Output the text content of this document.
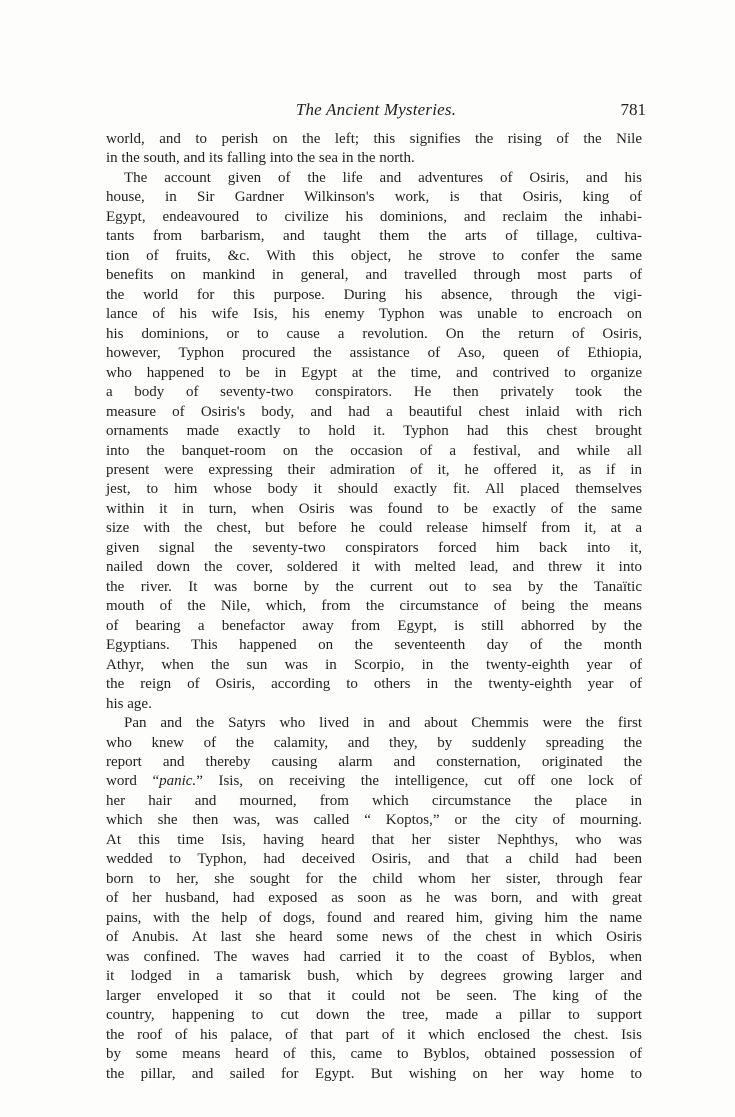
The Ancient Mysteries.	781
world, and to perish on the left; this signifies the rising of the Nile
in the south, and its falling into the sea in the north.
The account given of the life and adventures of Osiris, and his
house, in Sir Gardner Wilkinson's work, is that Osiris, king of
Egypt, endeavoured to civilize his dominions, and reclaim the inhabi-
tants from barbarism, and taught them the arts of tillage, cultiva-
tion of fruits, &c. With this object, he strove to confer the same
benefits on mankind in general, and travelled through most parts of
the world for this purpose. During his absence, through the vigi-
lance of his wife Isis, his enemy Typhon was unable to encroach on
his dominions, or to cause a revolution. On the return of Osiris,
however, Typhon procured the assistance of Aso, queen of Ethiopia,
who happened to be in Egypt at the time, and contrived to organize
a body of seventy-two conspirators. He then privately took the
measure of Osiris's body, and had a beautiful chest inlaid with rich
ornaments made exactly to hold it. Typhon had this chest brought
into the banquet-room on the occasion of a festival, and while all
present were expressing their admiration of it, he offered it, as if in
jest, to him whose body it should exactly fit. All placed themselves
within it in turn, when Osiris was found to be exactly of the same
size with the chest, but before he could release himself from it, at a
given signal the seventy-two conspirators forced him back into it,
nailed down the cover, soldered it with melted lead, and threw it into
the river. It was borne by the current out to sea by the Tanaïtic
mouth of the Nile, which, from the circumstance of being the means
of bearing a benefactor away from Egypt, is still abhorred by the
Egyptians. This happened on the seventeenth day of the month
Athyr, when the sun was in Scorpio, in the twenty-eighth year of
the reign of Osiris, according to others in the twenty-eighth year of
his age.
Pan and the Satyrs who lived in and about Chemmis were the first
who knew of the calamity, and they, by suddenly spreading the
report and thereby causing alarm and consternation, originated the
word “panic.” Isis, on receiving the intelligence, cut off one lock of
her hair and mourned, from which circumstance the place in
which she then was, was called “ Koptos,” or the city of mourning.
At this time Isis, having heard that her sister Nephthys, who was
wedded to Typhon, had deceived Osiris, and that a child had been
born to her, she sought for the child whom her sister, through fear
of her husband, had exposed as soon as he was born, and with great
pains, with the help of dogs, found and reared him, giving him the name
of Anubis. At last she heard some news of the chest in which Osiris
was confined. The waves had carried it to the coast of Byblos, when
it lodged in a tamarisk bush, which by degrees growing larger and
larger enveloped it so that it could not be seen. The king of the
country, happening to cut down the tree, made a pillar to support
the roof of his palace, of that part of it which enclosed the chest. Isis
by some means heard of this, came to Byblos, obtained possession of
the pillar, and sailed for Egypt. But wishing on her way home to
